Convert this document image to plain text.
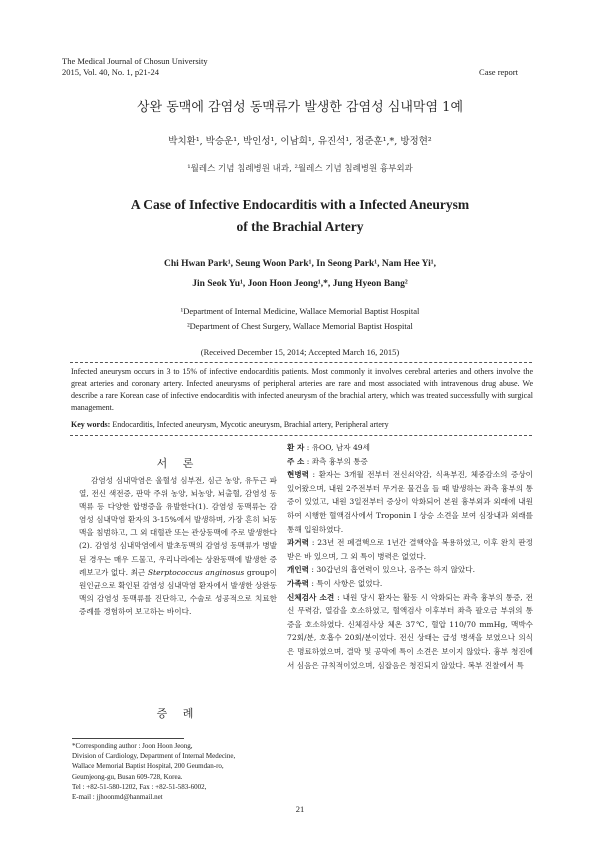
The Medical Journal of Chosun University
2015, Vol. 40, No. 1, p21-24	Case report
상완 동맥에 감염성 동맥류가 발생한 감염성 심내막염 1예
박치환¹, 박승운¹, 박인성¹, 이남희¹, 유진석¹, 정준훈¹,*, 방정현²
¹월레스 기념 침례병원 내과, ²월레스 기념 침례병원 흉부외과
A Case of Infective Endocarditis with a Infected Aneurysm
of the Brachial Artery
Chi Hwan Park¹, Seung Woon Park¹, In Seong Park¹, Nam Hee Yi¹,
Jin Seok Yu¹, Joon Hoon Jeong¹,*, Jung Hyeon Bang²
¹Department of Internal Medicine, Wallace Memorial Baptist Hospital
²Department of Chest Surgery, Wallace Memorial Baptist Hospital
(Received December 15, 2014; Accepted March 16, 2015)
Infected aneurysm occurs in 3 to 15% of infective endocarditis patients. Most commonly it involves cerebral arteries and others involve the great arteries and coronary artery. Infected aneurysms of peripheral arteries are rare and most associated with intravenous drug abuse. We describe a rare Korean case of infective endocarditis with infected aneurysm of the brachial artery, which was treated successfully with surgical management.
Key words: Endocarditis, Infected aneurysm, Mycotic aneurysm, Brachial artery, Peripheral artery
서 론

감염성 심내막염은 울혈성 심부전, 심근 농양, 유두근 파열, 전신 색전증, 판막 주위 농양, 뇌농양, 뇌출혈, 감염성 동맥류 등 다양한 합병증을 유발한다(1). 감염성 동맥류는 감염성 심내막염 환자의 3-15%에서 발생하며, 가장 흔히 뇌동맥을 침범하고, 그 외 대혈관 또는 관상동맥에 주로 발생한다(2). 감염성 심내막염에서 발초동맥의 감염성 동맥류가 병발된 경우는 매우 드물고, 우리나라에는 상완동맥에 발생한 증례보고가 없다. 최근 Sterptococcus anginosus group이 원인균으로 확인된 감염성 심내막염 환자에서 발생한 상완동맥의 감염성 동맥류를 진단하고, 수술로 성공적으로 치료한 증례를 경험하여 보고하는 바이다.

증 례
*Corresponding author : Joon Hoon Jeong,
Division of Cardiology, Department of Internal Medecine,
Wallace Memorial Baptist Hospital, 200 Geumdan-ro,
Geumjeong-gu, Busan 609-728, Korea.
Tel : +82-51-580-1202, Fax : +82-51-583-6002,
E-mail : jjhoonmd@hanmail.net

환 자 : 유OO, 남자 49세

주 소 : 좌측 흉부의 통증

현병력 : 환자는 3개월 전부터 전신쇠약감, 식욕부진, 체중감소의 증상이 있어왔으며, 내원 2주전부터 무거운 물건을 들 때 발생하는 좌측 흉부의 통증이 있었고, 내원 3일전부터 증상이 악화되어 본원 흉부외과 외래에 내원하여 시행한 혈액검사에서 Troponin I 상승 소견을 보여 심장내과 외래를 통해 입원하였다.

과거력 : 23년 전 폐결핵으로 1년간 결핵약을 복용하였고, 이후 완치 판정 받은 바 있으며, 그 외 특이 병력은 없었다.

개인력 : 30갑년의 흡연력이 있으나, 음주는 하지 않았다.

가족력 : 특이 사항은 없었다.

신체검사 소견 : 내원 당시 환자는 활동 시 악화되는 좌측 흉부의 통증, 전신 무력감, 열감을 호소하였고, 혈액검사 이후부터 좌측 팔오금 부위의 통증을 호소하였다. 신체검사상 체온 37℃, 혈압 110/70 mmHg, 맥박수 72회/분, 호흡수 20회/분이었다. 전신 상태는 급성 병색을 보였으나 의식은 명료하였으며, 결막 및 공막에 특이 소견은 보이지 않았다. 흉부 청진에서 심음은 규칙적이었으며, 심잡음은 청진되지 않았다. 복부 진찰에서 특

21
